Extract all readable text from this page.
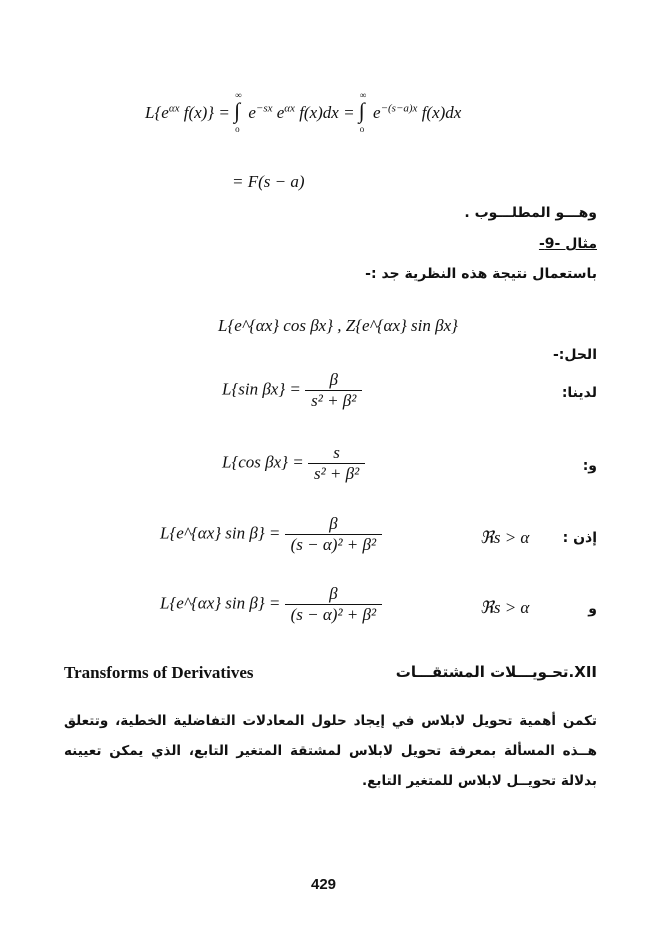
$L\{e^{\alpha x}$ f(x)} = ∫
∞
o
$e^{-sx}$ $e^{\alpha x}$ f(x)dx = ∫
∞
o
$e^{-(s-a)x}$ f(x)dx
= F(s − a)
وهـــو المطلـــوب .
مثال -9-
باستعمال نتيجة هذه النظرية جد :-
L{e^{αx} cos βx} , Z{e^{αx} sin βx}
الحل:-
لدينا:
L{sin $\beta x\} = \frac{\beta}{\text{s² + β²}}$
و:
L{cos $\beta x\} = \frac{s}{\text{s² + β²}}$
إذن :
ℜs > α
L{e^{αx} $\sin \beta\} = \frac{\beta}{\text{(s − α)² + β²}}$
و
ℜs > α
L{e^{αx} $\sin \beta\} = \frac{\beta}{\text{(s − α)² + β²}}$
Transforms of Derivatives	XII.تحـويـــلات المشتقـــات
تكمن أهمية تحويل لابلاس في إيجاد حلول المعادلات التفاضلية الخطية، وتتعلق هــذه المسألة بمعرفة تحويل لابلاس لمشتقة المتغير التابع، الذي يمكن تعيينه بدلالة تحويــل لابلاس للمتغير التابع.
429
